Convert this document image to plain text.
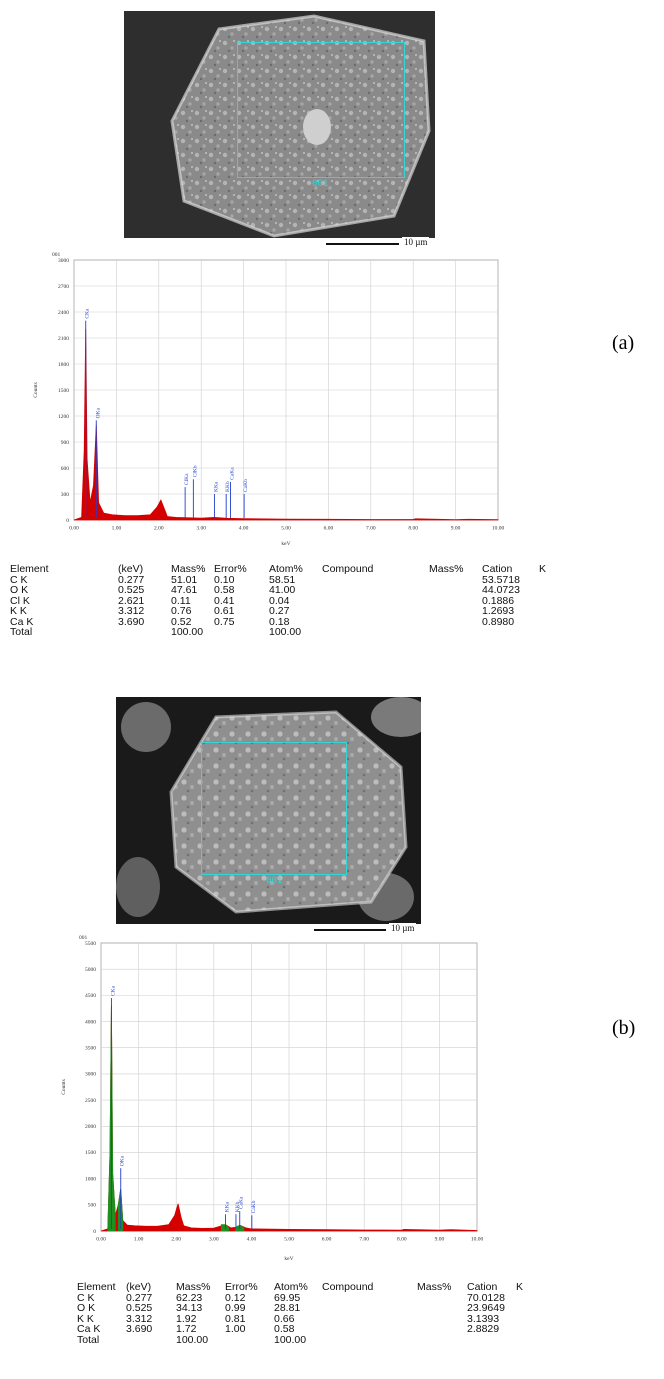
001
10 µm
0.00	1.00	2.00	3.00	4.00	5.00	6.00	7.00	8.00	9.00	10.00
0
300
600
900
1200
1500
1800
2100
2400
2700
3000
001
keV
Counts
CKa
OKa
ClKa
ClKb
KKa KKb
CaKa
CaKb
(a)
Element	(keV)	Mass%	Error%	Atom%	Compound	Mass%	Cation	K
C K	0.277	51.01	0.10	58.51			53.5718	
O K	0.525	47.61	0.58	41.00			44.0723	
Cl K	2.621	0.11	0.41	0.04			0.1886	
K K	3.312	0.76	0.61	0.27			1.2693	
Ca K	3.690	0.52	0.75	0.18			0.8980	
Total		100.00		100.00				
001
10 µm
0.00	1.00	2.00	3.00	4.00	5.00	6.00	7.00	8.00	9.00	10.00
0
500
1000
1500
2000
2500
3000
3500
4000
4500
5000
5500
001
keV
Counts
CKa
OKa
KKa KKb
CaKa CaKb
(b)
Element	(keV)	Mass%	Error%	Atom%	Compound	Mass%	Cation	K
C K	0.277	62.23	0.12	69.95			70.0128	
O K	0.525	34.13	0.99	28.81			23.9649	
K K	3.312	1.92	0.81	0.66			3.1393	
Ca K	3.690	1.72	1.00	0.58			2.8829	
Total		100.00		100.00				
